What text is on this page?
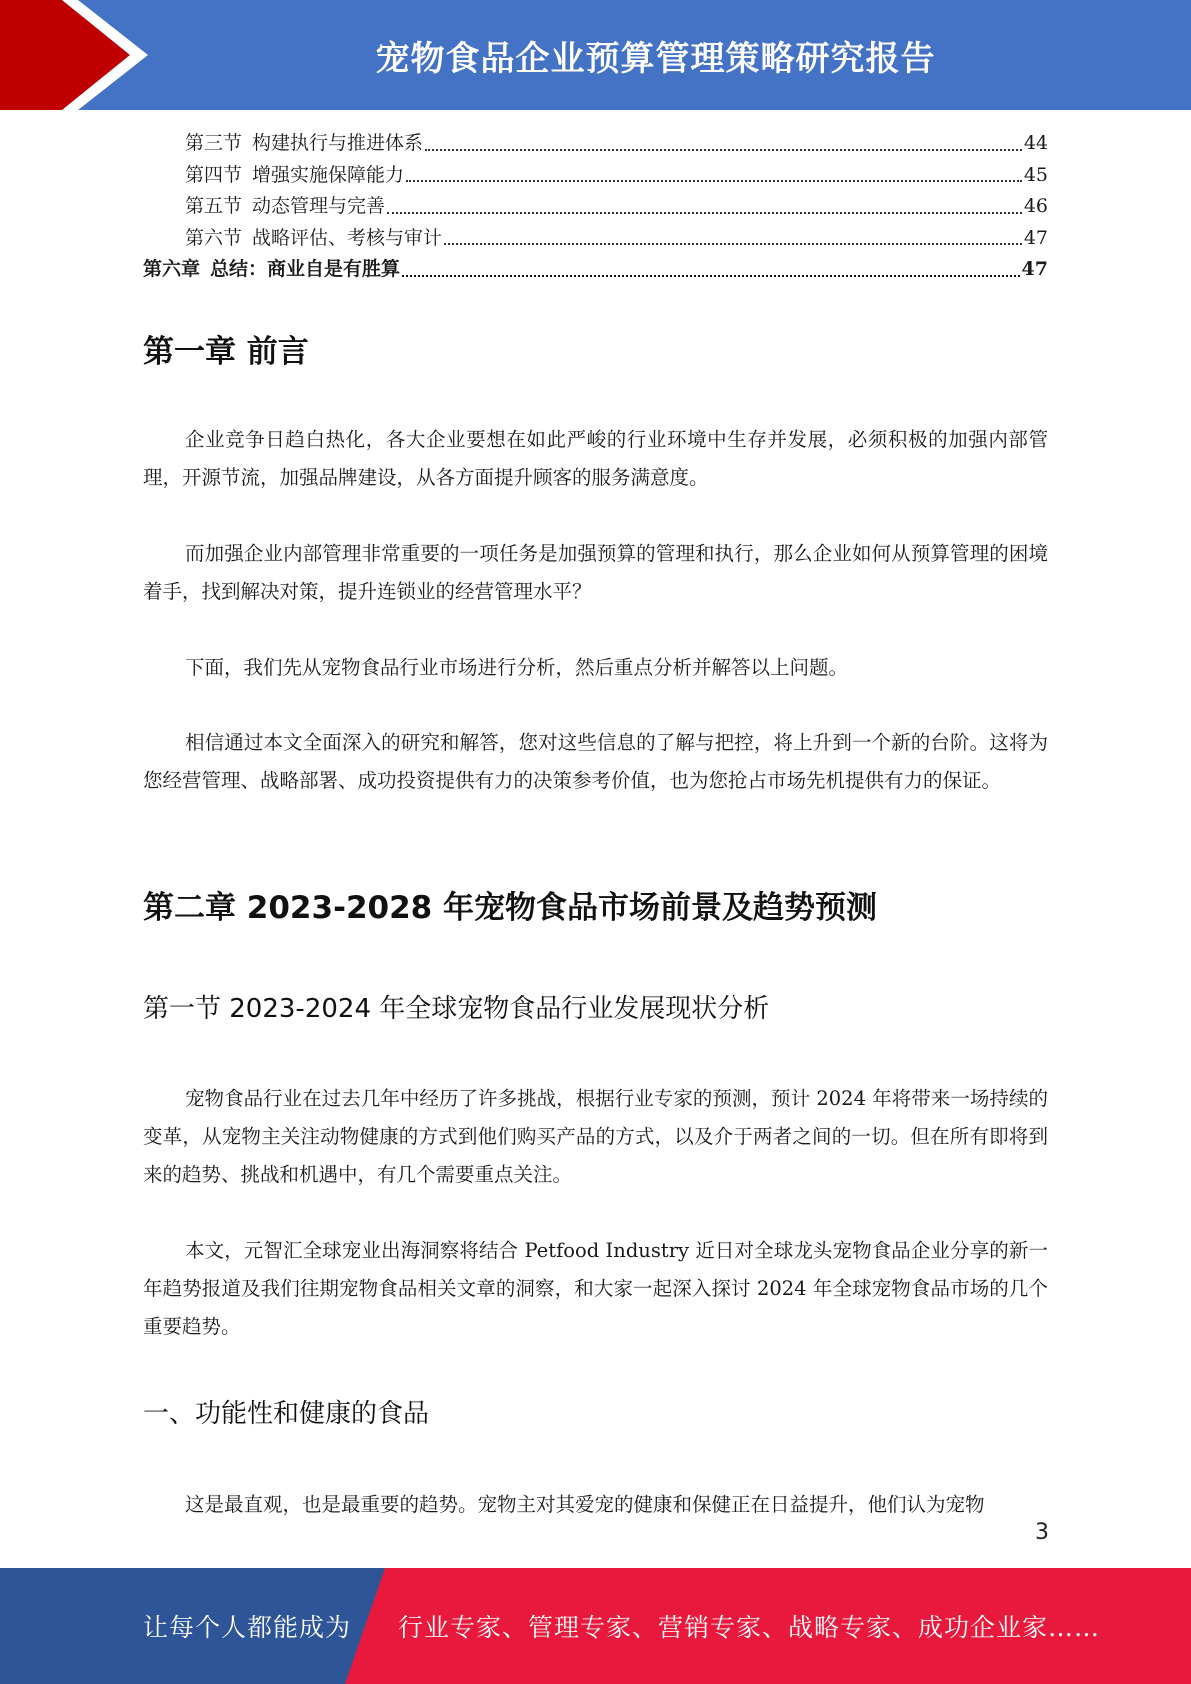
宠物食品企业预算管理策略研究报告
第三节 构建执行与推进体系	44
第四节 增强实施保障能力	45
第五节 动态管理与完善	46
第六节 战略评估、考核与审计	47
第六章 总结：商业自是有胜算	47
第一章 前言

企业竞争日趋白热化，各大企业要想在如此严峻的行业环境中生存并发展，必须积极的加强内部管理，开源节流，加强品牌建设，从各方面提升顾客的服务满意度。

而加强企业内部管理非常重要的一项任务是加强预算的管理和执行，那么企业如何从预算管理的困境着手，找到解决对策，提升连锁业的经营管理水平？

下面，我们先从宠物食品行业市场进行分析，然后重点分析并解答以上问题。

相信通过本文全面深入的研究和解答，您对这些信息的了解与把控，将上升到一个新的台阶。这将为您经营管理、战略部署、成功投资提供有力的决策参考价值，也为您抢占市场先机提供有力的保证。

第二章 2023-2028 年宠物食品市场前景及趋势预测
第一节 2023-2024 年全球宠物食品行业发展现状分析

宠物食品行业在过去几年中经历了许多挑战，根据行业专家的预测，预计 2024 年将带来一场持续的变革，从宠物主关注动物健康的方式到他们购买产品的方式，以及介于两者之间的一切。但在所有即将到来的趋势、挑战和机遇中，有几个需要重点关注。

本文，元智汇全球宠业出海洞察将结合 Petfood Industry 近日对全球龙头宠物食品企业分享的新一年趋势报道及我们往期宠物食品相关文章的洞察，和大家一起深入探讨 2024 年全球宠物食品市场的几个重要趋势。

一、功能性和健康的食品

这是最直观，也是最重要的趋势。宠物主对其爱宠的健康和保健正在日益提升，他们认为宠物

3
让每个人都能成为 行业专家、管理专家、营销专家、战略专家、成功企业家……
